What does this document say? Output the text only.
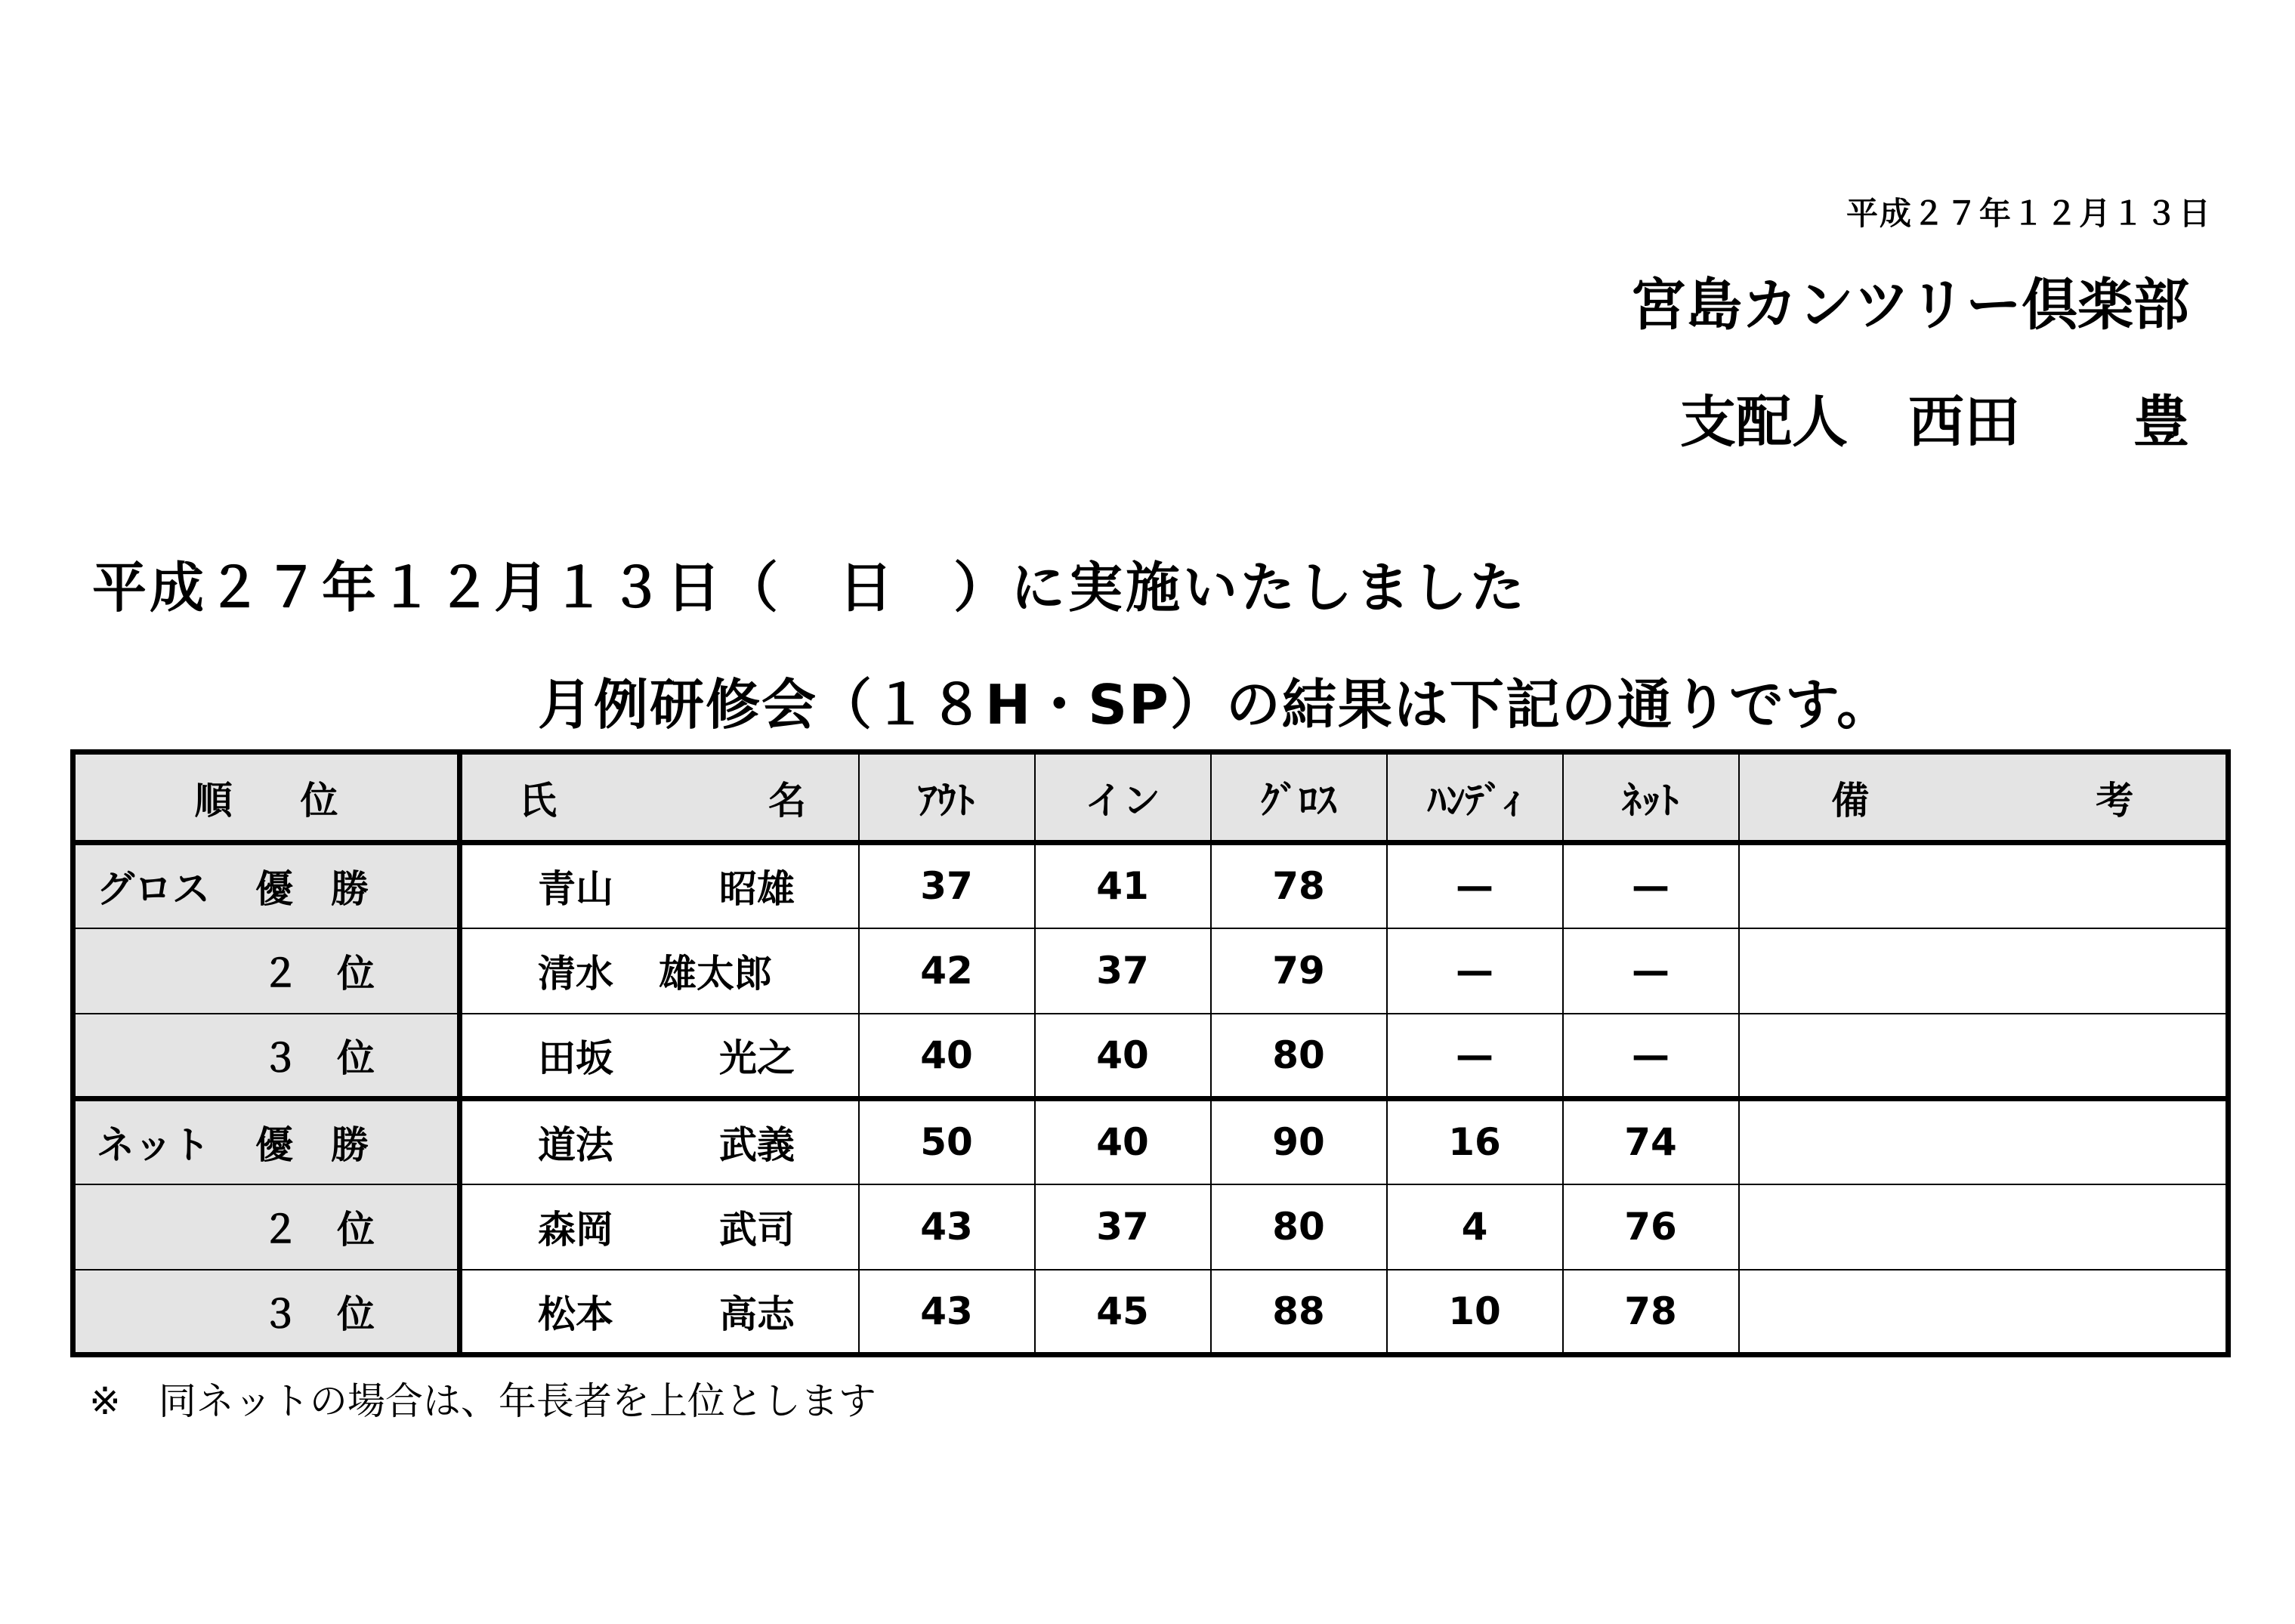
平成２７年１２月１３日
宮島カンツリー倶楽部
支配人 西田 豊
平成２７年１２月１３日（　日　）に実施いたしました
月例研修会（１８H・SP）の結果は下記の通りです。
順 位	氏 名	ｱｳﾄ	イン	ｸﾞﾛｽ	ﾊﾝﾃﾞｨ	ﾈｯﾄ	備 考
グロス 優　勝	青山 昭雄	37	41	78	—	—	
２　位	清水 雄太郎	42	37	79	—	—	
３　位	田坂 光之	40	40	80	—	—	
ネット 優　勝	道法 武義	50	40	90	16	74	
２　位	森岡 武司	43	37	80	4	76	
３　位	松本 高志	43	45	88	10	78	
※　同ネットの場合は、年長者を上位とします
